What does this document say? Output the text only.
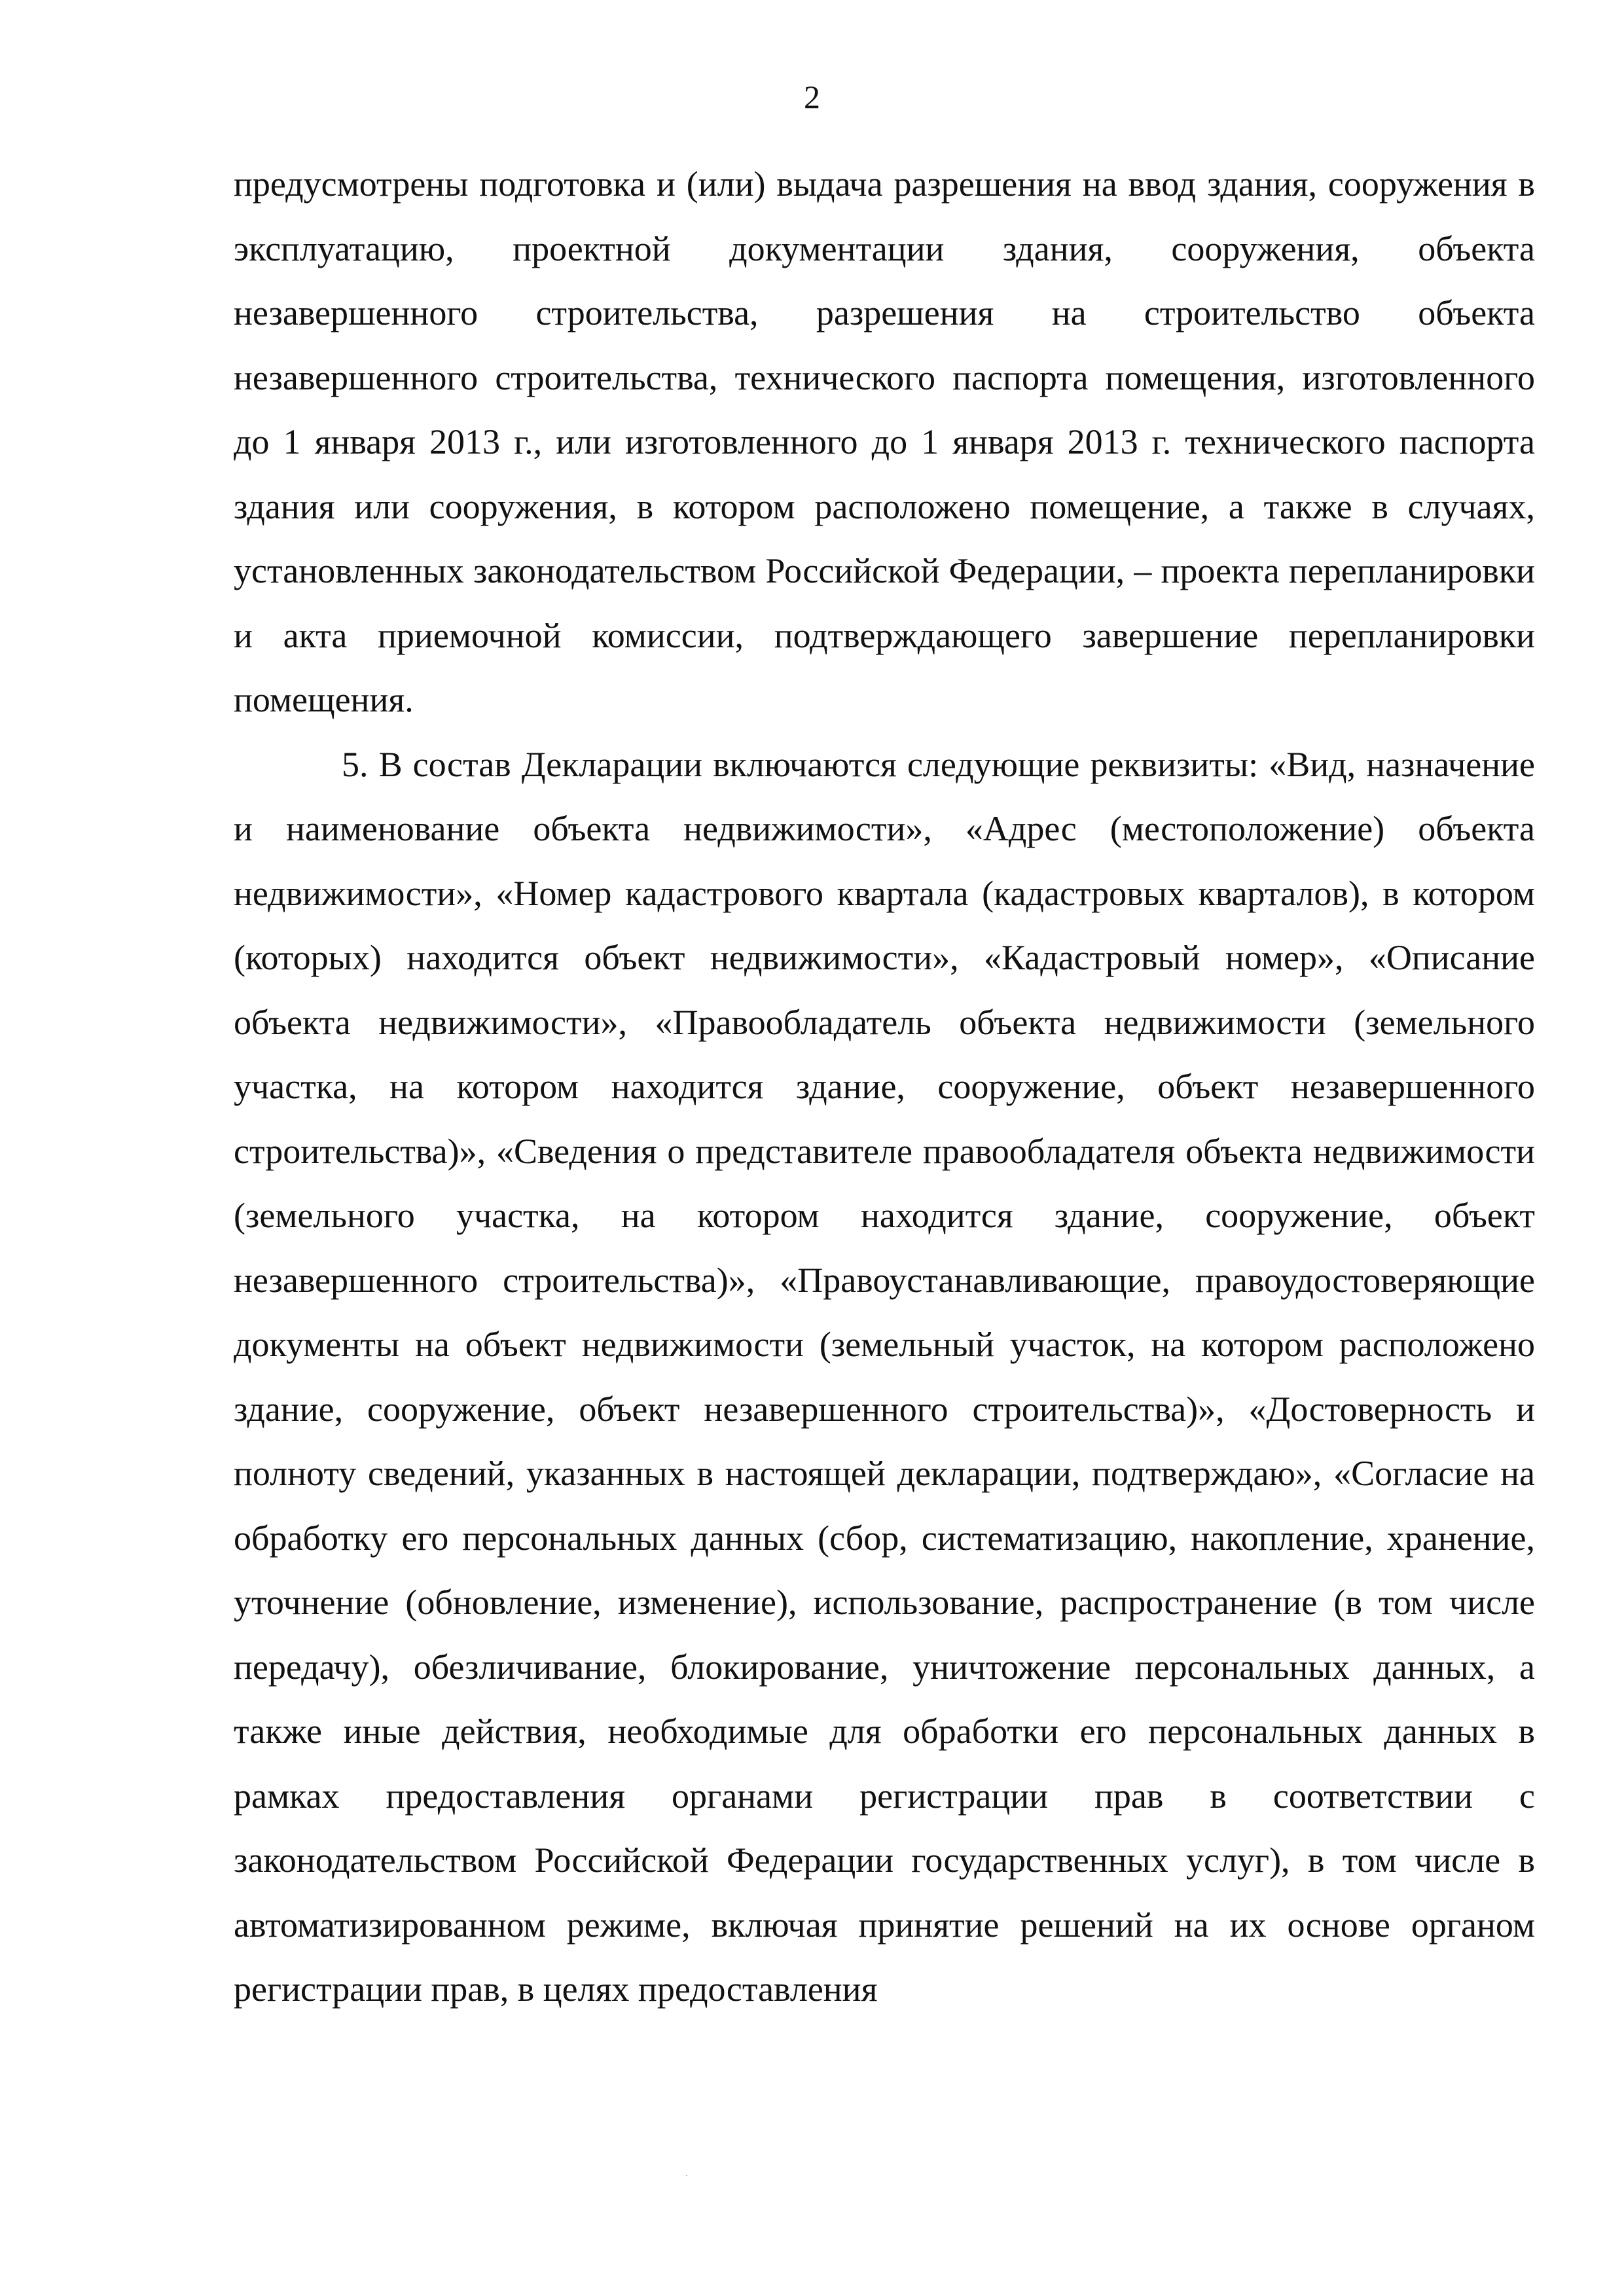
2

предусмотрены подготовка и (или) выдача разрешения на ввод здания, сооружения в эксплуатацию, проектной документации здания, сооружения, объекта незавершенного строительства, разрешения на строительство объекта незавершенного строительства, технического паспорта помещения, изготовленного до 1 января 2013 г., или изготовленного до 1 января 2013 г. технического паспорта здания или сооружения, в котором расположено помещение, а также в случаях, установленных законодательством Российской Федерации, – проекта перепланировки и акта приемочной комиссии, подтверждающего завершение перепланировки помещения.

5. В состав Декларации включаются следующие реквизиты: «Вид, назначение и наименование объекта недвижимости», «Адрес (местоположение) объекта недвижимости», «Номер кадастрового квартала (кадастровых кварталов), в котором (которых) находится объект недвижимости», «Кадастровый номер», «Описание объекта недвижимости», «Правообладатель объекта недвижимости (земельного участка, на котором находится здание, сооружение, объект незавершенного строительства)», «Сведения о представителе правообладателя объекта недвижимости (земельного участка, на котором находится здание, сооружение, объект незавершенного строительства)», «Правоустанавливающие, правоудостоверяющие документы на объект недвижимости (земельный участок, на котором расположено здание, сооружение, объект незавершенного строительства)», «Достоверность и полноту сведений, указанных в настоящей декларации, подтверждаю», «Согласие на обработку его персональных данных (сбор, систематизацию, накопление, хранение, уточнение (обновление, изменение), использование, распространение (в том числе передачу), обезличивание, блокирование, уничтожение персональных данных, а также иные действия, необходимые для обработки его персональных данных в рамках предоставления органами регистрации прав в соответствии с законодательством Российской Федерации государственных услуг), в том числе в автоматизированном режиме, включая принятие решений на их основе органом регистрации прав, в целях предоставления
